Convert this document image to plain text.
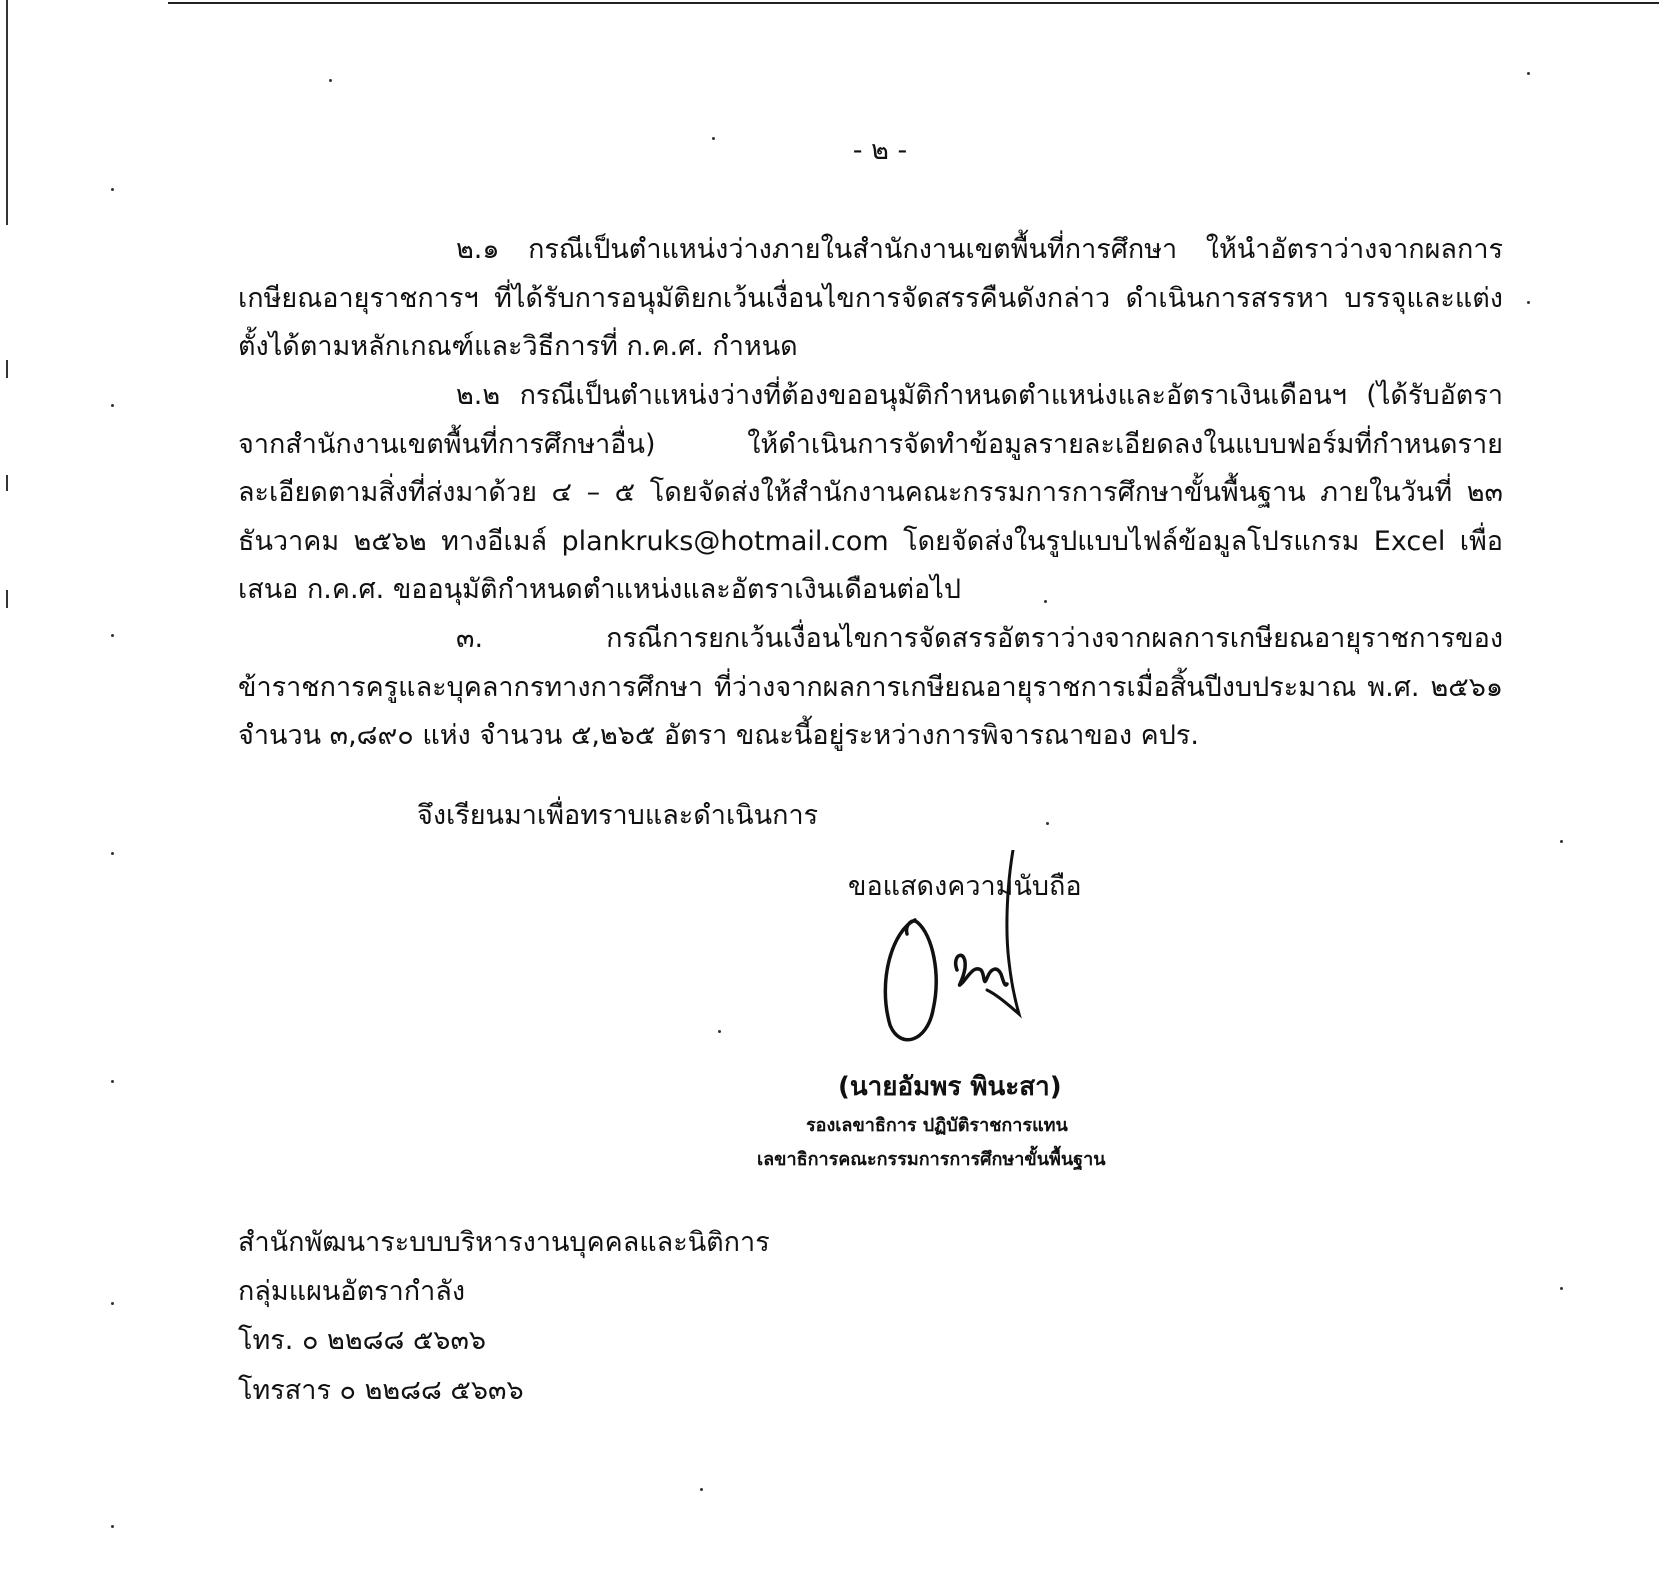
- ๒ -
๒.๑ กรณีเป็นตำแหน่งว่างภายในสำนักงานเขตพื้นที่การศึกษา ให้นำอัตราว่างจากผลการเกษียณอายุราชการฯ ที่ได้รับการอนุมัติยกเว้นเงื่อนไขการจัดสรรคืนดังกล่าว ดำเนินการสรรหา บรรจุและแต่งตั้งได้ตามหลักเกณฑ์และวิธีการที่ ก.ค.ศ. กำหนด
๒.๒ กรณีเป็นตำแหน่งว่างที่ต้องขออนุมัติกำหนดตำแหน่งและอัตราเงินเดือนฯ (ได้รับอัตราจากสำนักงานเขตพื้นที่การศึกษาอื่น) ให้ดำเนินการจัดทำข้อมูลรายละเอียดลงในแบบฟอร์มที่กำหนดรายละเอียดตามสิ่งที่ส่งมาด้วย ๔ – ๕ โดยจัดส่งให้สำนักงานคณะกรรมการการศึกษาขั้นพื้นฐาน ภายในวันที่ ๒๓ ธันวาคม ๒๕๖๒ ทางอีเมล์ plankruks@hotmail.com โดยจัดส่งในรูปแบบไฟล์ข้อมูลโปรแกรม Excel เพื่อเสนอ ก.ค.ศ. ขออนุมัติกำหนดตำแหน่งและอัตราเงินเดือนต่อไป
๓. กรณีการยกเว้นเงื่อนไขการจัดสรรอัตราว่างจากผลการเกษียณอายุราชการของข้าราชการครูและบุคลากรทางการศึกษา ที่ว่างจากผลการเกษียณอายุราชการเมื่อสิ้นปีงบประมาณ พ.ศ. ๒๕๖๑ จำนวน ๓,๘๙๐ แห่ง จำนวน ๕,๒๖๕ อัตรา ขณะนี้อยู่ระหว่างการพิจารณาของ คปร.
จึงเรียนมาเพื่อทราบและดำเนินการ
ขอแสดงความนับถือ
(นายอัมพร พินะสา)
รองเลขาธิการ ปฏิบัติราชการแทน
เลขาธิการคณะกรรมการการศึกษาขั้นพื้นฐาน
สำนักพัฒนาระบบบริหารงานบุคคลและนิติการ
กลุ่มแผนอัตรากำลัง
โทร. ๐ ๒๒๘๘ ๕๖๓๖
โทรสาร ๐ ๒๒๘๘ ๕๖๓๖
